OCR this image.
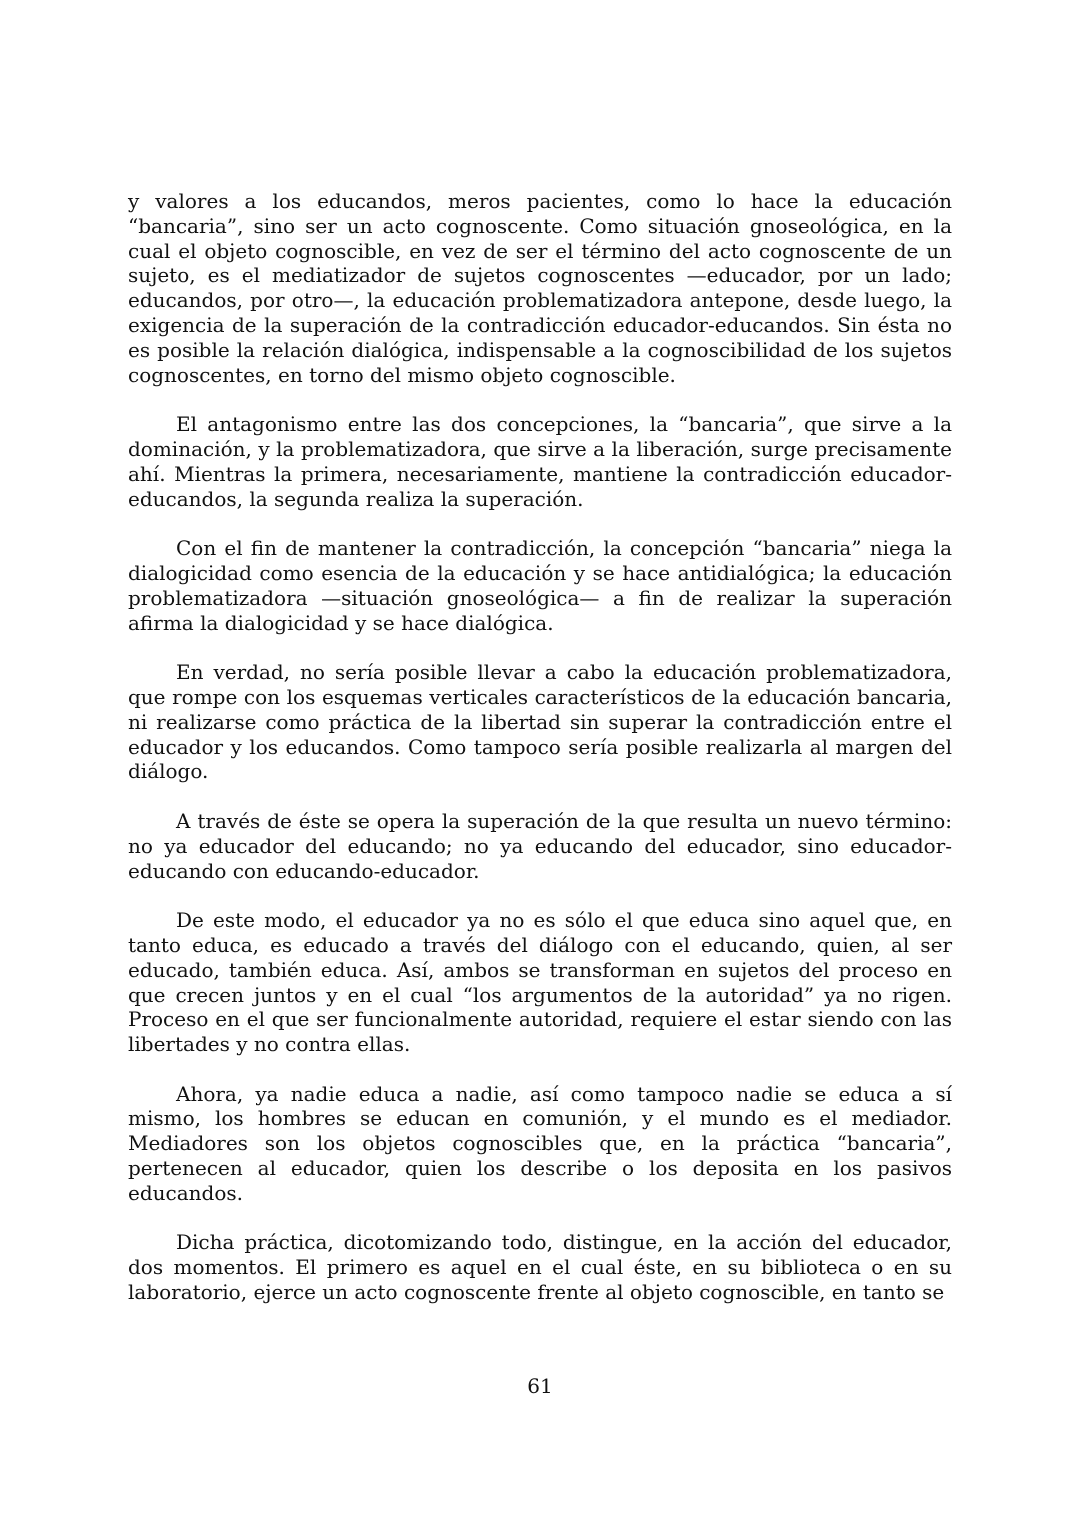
y valores a los educandos, meros pacientes, como lo hace la educación “bancaria”, sino ser un acto cognoscente. Como situación gnoseológica, en la cual el objeto cognoscible, en vez de ser el término del acto cognoscente de un sujeto, es el mediatizador de sujetos cognoscentes —educador, por un lado; educandos, por otro—, la educación problematizadora antepone, desde luego, la exigencia de la superación de la contradicción educador-educandos. Sin ésta no es posible la relación dialógica, indispensable a la cognoscibilidad de los sujetos cognoscentes, en torno del mismo objeto cognoscible.

El antagonismo entre las dos concepciones, la “bancaria”, que sirve a la dominación, y la problematizadora, que sirve a la liberación, surge precisamente ahí. Mientras la primera, necesariamente, mantiene la contradicción educador-educandos, la segunda realiza la superación.

Con el fin de mantener la contradicción, la concepción “bancaria” niega la dialogicidad como esencia de la educación y se hace antidialógica; la educación problematizadora —situación gnoseológica— a fin de realizar la superación afirma la dialogicidad y se hace dialógica.

En verdad, no sería posible llevar a cabo la educación problematizadora, que rompe con los esquemas verticales característicos de la educación bancaria, ni realizarse como práctica de la libertad sin superar la contradicción entre el educador y los educandos. Como tampoco sería posible realizarla al margen del diálogo.

A través de éste se opera la superación de la que resulta un nuevo término: no ya educador del educando; no ya educando del educador, sino educador-educando con educando-educador.

De este modo, el educador ya no es sólo el que educa sino aquel que, en tanto educa, es educado a través del diálogo con el educando, quien, al ser educado, también educa. Así, ambos se transforman en sujetos del proceso en que crecen juntos y en el cual “los argumentos de la autoridad” ya no rigen. Proceso en el que ser funcionalmente autoridad, requiere el estar siendo con las libertades y no contra ellas.

Ahora, ya nadie educa a nadie, así como tampoco nadie se educa a sí mismo, los hombres se educan en comunión, y el mundo es el mediador. Mediadores son los objetos cognoscibles que, en la práctica “bancaria”, pertenecen al educador, quien los describe o los deposita en los pasivos educandos.

Dicha práctica, dicotomizando todo, distingue, en la acción del educador, dos momentos. El primero es aquel en el cual éste, en su biblioteca o en su laboratorio, ejerce un acto cognoscente frente al objeto cognoscible, en tanto se

61
